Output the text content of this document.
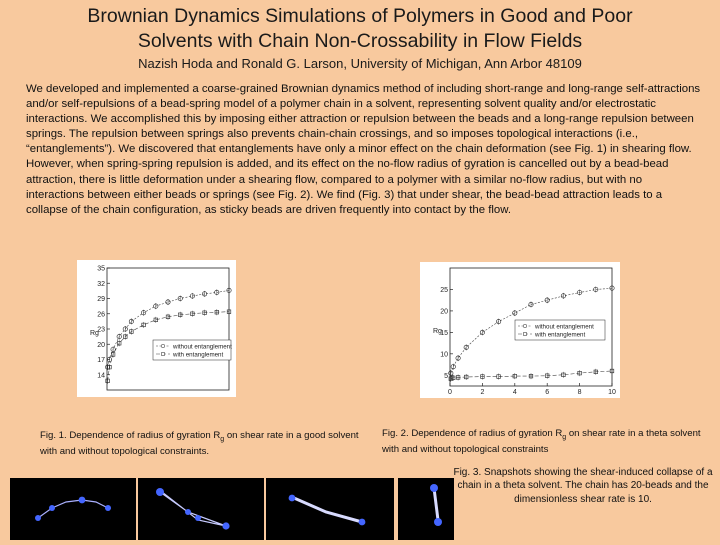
Brownian Dynamics Simulations of Polymers in Good and Poor
Solvents with Chain Non-Crossability in Flow Fields
Nazish Hoda and Ronald G. Larson, University of Michigan, Ann Arbor 48109
We developed and implemented a coarse-grained Brownian dynamics method of including short-range and long-range self-attractions and/or self-repulsions of a bead-spring model of a polymer chain in a solvent, representing solvent quality and/or electrostatic interactions. We accomplished this by imposing either attraction or repulsion between the beads and a long-range repulsion between springs. The repulsion between springs also prevents chain-chain crossings, and so imposes topological interactions (i.e., “entanglements”). We discovered that entanglements have only a minor effect on the chain deformation (see Fig. 1) in shearing flow. However, when spring-spring repulsion is added, and its effect on the no-flow radius of gyration is cancelled out by a bead-bead attraction, there is little deformation under a shearing flow, compared to a polymer with a similar no-flow radius, but with no interactions between either beads or springs (see Fig. 2). We find (Fig. 3) that under shear, the bead-bead attraction leads to a collapse of the chain configuration, as sticky beads are driven frequently into contact by the flow.
14
17
20
23
26
29
32
35
Rg
without entanglement
with entanglement
5
10
15
20
25
0	2	4	6	8	10
Rg
without entanglement
with entanglement
Fig. 1. Dependence of radius of gyration $R_g$ on shear rate in a good solvent with and without topological constraints.
Fig. 2. Dependence of radius of gyration $R_g$ on shear rate in a theta solvent with and without topological constraints
Fig. 3. Snapshots showing the shear-induced collapse of a chain in a theta solvent. The chain has 20-beads and the dimensionless shear rate is 10.
